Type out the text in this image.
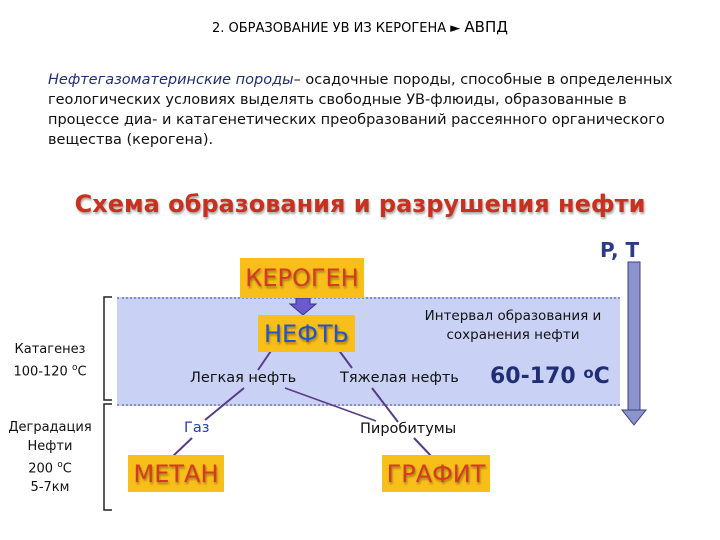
2. ОБРАЗОВАНИЕ УВ ИЗ КЕРОГЕНА ► АВПД
Нефтегазоматеринские породы– осадочные породы, способные в определенных геологических условиях выделять свободные УВ-флюиды, образованные в процессе диа- и катагенетических преобразований рассеянного органического вещества (керогена).
Схема образования и разрушения нефти
КЕРОГЕН
НЕФТЬ
МЕТАН	ГРАФИТ
Легкая нефть	Тяжелая нефть
Газ	Пиробитумы
P, T
Интервал образования и сохранения нефти
60-170 $^o$C
Катагенез
100-120 $^o$C
Деградация
Нефти
200 $^o$C
5-7км
